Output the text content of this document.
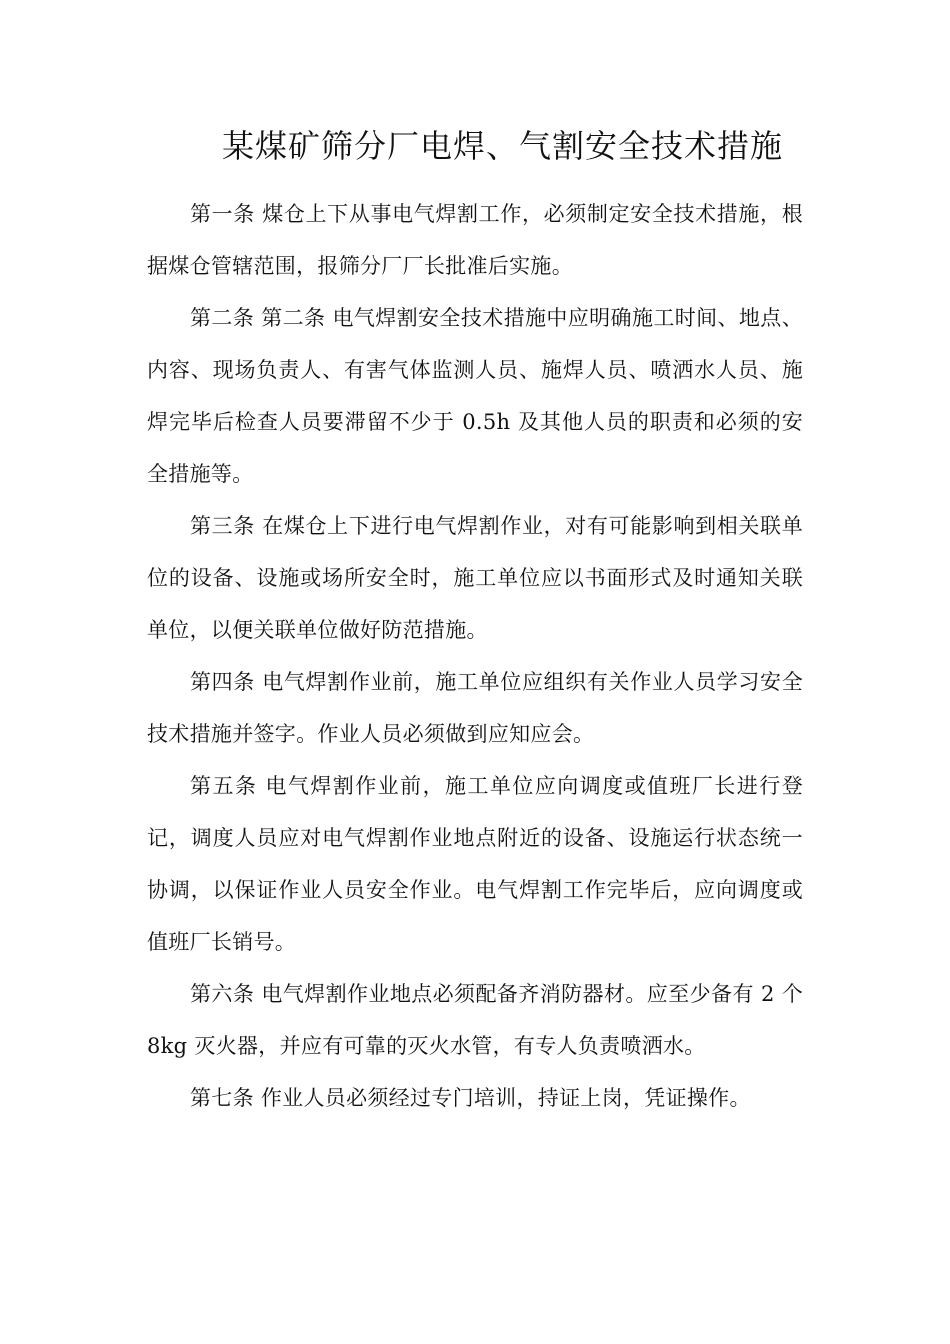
某煤矿筛分厂电焊、气割安全技术措施

第一条 煤仓上下从事电气焊割工作，必须制定安全技术措施，根据煤仓管辖范围，报筛分厂厂长批准后实施。

第二条 第二条 电气焊割安全技术措施中应明确施工时间、地点、内容、现场负责人、有害气体监测人员、施焊人员、喷洒水人员、施焊完毕后检查人员要滞留不少于 0.5h 及其他人员的职责和必须的安全措施等。

第三条 在煤仓上下进行电气焊割作业，对有可能影响到相关联单位的设备、设施或场所安全时，施工单位应以书面形式及时通知关联单位，以便关联单位做好防范措施。

第四条 电气焊割作业前，施工单位应组织有关作业人员学习安全技术措施并签字。作业人员必须做到应知应会。

第五条 电气焊割作业前，施工单位应向调度或值班厂长进行登记，调度人员应对电气焊割作业地点附近的设备、设施运行状态统一协调，以保证作业人员安全作业。电气焊割工作完毕后，应向调度或值班厂长销号。

第六条 电气焊割作业地点必须配备齐消防器材。应至少备有 2 个 8kg 灭火器，并应有可靠的灭火水管，有专人负责喷洒水。

第七条 作业人员必须经过专门培训，持证上岗，凭证操作。
